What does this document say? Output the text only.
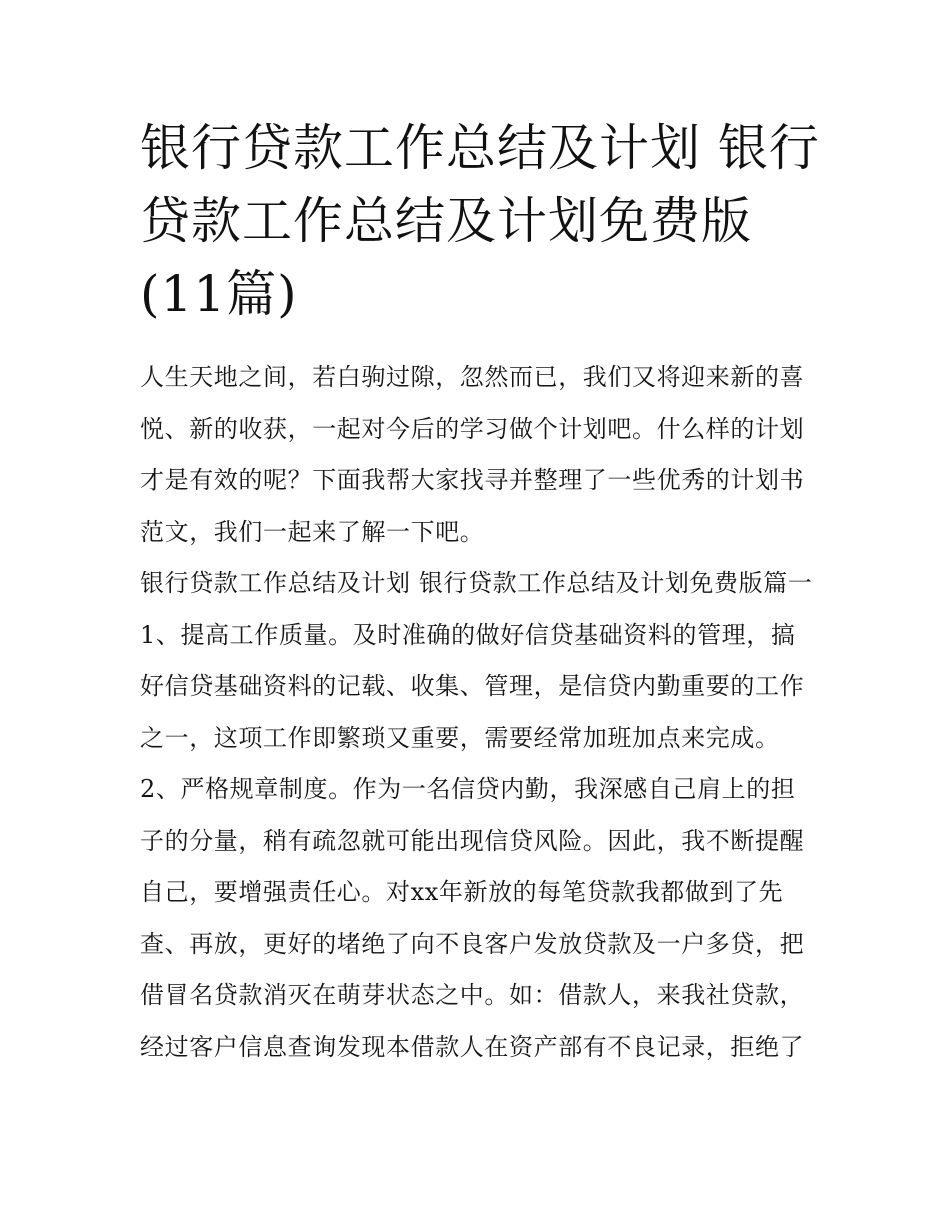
银行贷款工作总结及计划 银行贷款工作总结及计划免费版(11篇)

人生天地之间，若白驹过隙，忽然而已，我们又将迎来新的喜悦、新的收获，一起对今后的学习做个计划吧。什么样的计划才是有效的呢？下面我帮大家找寻并整理了一些优秀的计划书范文，我们一起来了解一下吧。

银行贷款工作总结及计划 银行贷款工作总结及计划免费版篇一

1、提高工作质量。及时准确的做好信贷基础资料的管理，搞好信贷基础资料的记载、收集、管理，是信贷内勤重要的工作之一，这项工作即繁琐又重要，需要经常加班加点来完成。

2、严格规章制度。作为一名信贷内勤，我深感自己肩上的担子的分量，稍有疏忽就可能出现信贷风险。因此，我不断提醒自己，要增强责任心。对xx年新放的每笔贷款我都做到了先查、再放，更好的堵绝了向不良客户发放贷款及一户多贷，把借冒名贷款消灭在萌芽状态之中。如：借款人，来我社贷款，经过客户信息查询发现本借款人在资产部有不良记录，拒绝了
